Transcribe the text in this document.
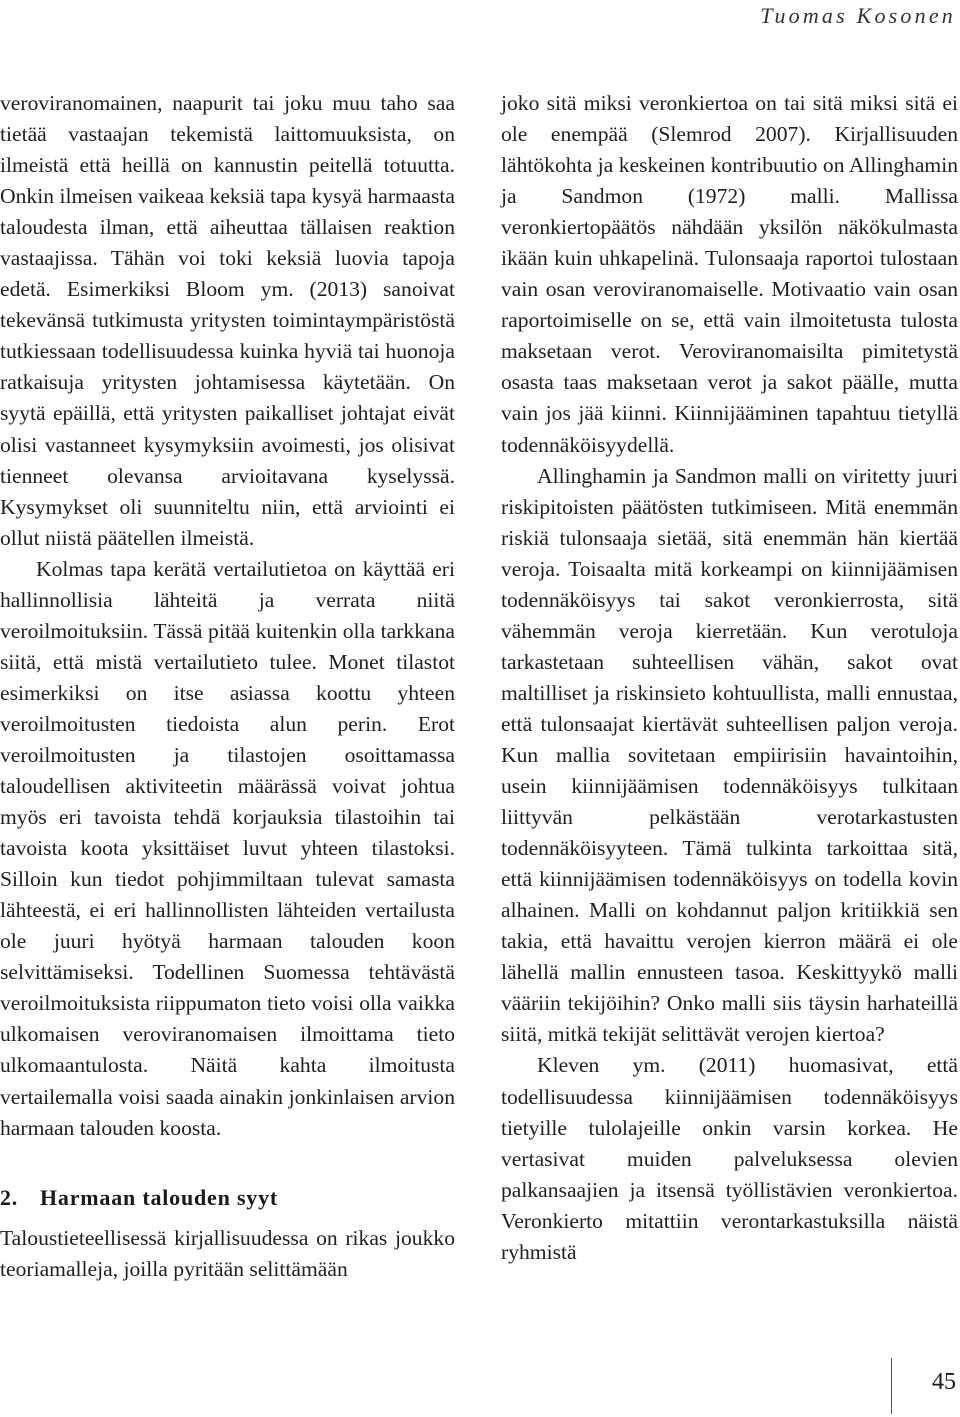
Tuomas Kosonen

veroviranomainen, naapurit tai joku muu taho saa tietää vastaajan tekemistä laittomuuksista, on ilmeistä että heillä on kannustin peitellä totuutta. Onkin ilmeisen vaikeaa keksiä tapa kysyä harmaasta taloudesta ilman, että aiheuttaa tällaisen reaktion vastaajissa. Tähän voi toki keksiä luovia tapoja edetä. Esimerkiksi Bloom ym. (2013) sanoivat tekevänsä tutkimusta yritysten toimintaympäristöstä tutkiessaan todellisuudessa kuinka hyviä tai huonoja ratkaisuja yritysten johtamisessa käytetään. On syytä epäillä, että yritysten paikalliset johtajat eivät olisi vastanneet kysymyksiin avoimesti, jos olisivat tienneet olevansa arvioitavana kyselyssä. Kysymykset oli suunniteltu niin, että arviointi ei ollut niistä päätellen ilmeistä.

Kolmas tapa kerätä vertailutietoa on käyttää eri hallinnollisia lähteitä ja verrata niitä veroilmoituksiin. Tässä pitää kuitenkin olla tarkkana siitä, että mistä vertailutieto tulee. Monet tilastot esimerkiksi on itse asiassa koottu yhteen veroilmoitusten tiedoista alun perin. Erot veroilmoitusten ja tilastojen osoittamassa taloudellisen aktiviteetin määrässä voivat johtua myös eri tavoista tehdä korjauksia tilastoihin tai tavoista koota yksittäiset luvut yhteen tilastoksi. Silloin kun tiedot pohjimmiltaan tulevat samasta lähteestä, ei eri hallinnollisten lähteiden vertailusta ole juuri hyötyä harmaan talouden koon selvittämiseksi. Todellinen Suomessa tehtävästä veroilmoituksista riippumaton tieto voisi olla vaikka ulkomaisen veroviranomaisen ilmoittama tieto ulkomaantulosta. Näitä kahta ilmoitusta vertailemalla voisi saada ainakin jonkinlaisen arvion harmaan talouden koosta.

2. Harmaan talouden syyt

Taloustieteellisessä kirjallisuudessa on rikas joukko teoriamalleja, joilla pyritään selittämään

joko sitä miksi veronkiertoa on tai sitä miksi sitä ei ole enempää (Slemrod 2007). Kirjallisuuden lähtökohta ja keskeinen kontribuutio on Allinghamin ja Sandmon (1972) malli. Mallissa veronkiertopäätös nähdään yksilön näkökulmasta ikään kuin uhkapelinä. Tulonsaaja raportoi tulostaan vain osan veroviranomaiselle. Motivaatio vain osan raportoimiselle on se, että vain ilmoitetusta tulosta maksetaan verot. Veroviranomaisilta pimitetystä osasta taas maksetaan verot ja sakot päälle, mutta vain jos jää kiinni. Kiinnijääminen tapahtuu tietyllä todennäköisyydellä.

Allinghamin ja Sandmon malli on viritetty juuri riskipitoisten päätösten tutkimiseen. Mitä enemmän riskiä tulonsaaja sietää, sitä enemmän hän kiertää veroja. Toisaalta mitä korkeampi on kiinnijäämisen todennäköisyys tai sakot veronkierrosta, sitä vähemmän veroja kierretään. Kun verotuloja tarkastetaan suhteellisen vähän, sakot ovat maltilliset ja riskinsieto kohtuullista, malli ennustaa, että tulonsaajat kiertävät suhteellisen paljon veroja. Kun mallia sovitetaan empiirisiin havaintoihin, usein kiinnijäämisen todennäköisyys tulkitaan liittyvän pelkästään verotarkastusten todennäköisyyteen. Tämä tulkinta tarkoittaa sitä, että kiinnijäämisen todennäköisyys on todella kovin alhainen. Malli on kohdannut paljon kritiikkiä sen takia, että havaittu verojen kierron määrä ei ole lähellä mallin ennusteen tasoa. Keskittyykö malli vääriin tekijöihin? Onko malli siis täysin harhateillä siitä, mitkä tekijät selittävät verojen kiertoa?

Kleven ym. (2011) huomasivat, että todellisuudessa kiinnijäämisen todennäköisyys tietyille tulolajeille onkin varsin korkea. He vertasivat muiden palveluksessa olevien palkansaajien ja itsensä työllistävien veronkiertoa. Veronkierto mitattiin verontarkastuksilla näistä ryhmistä

45
